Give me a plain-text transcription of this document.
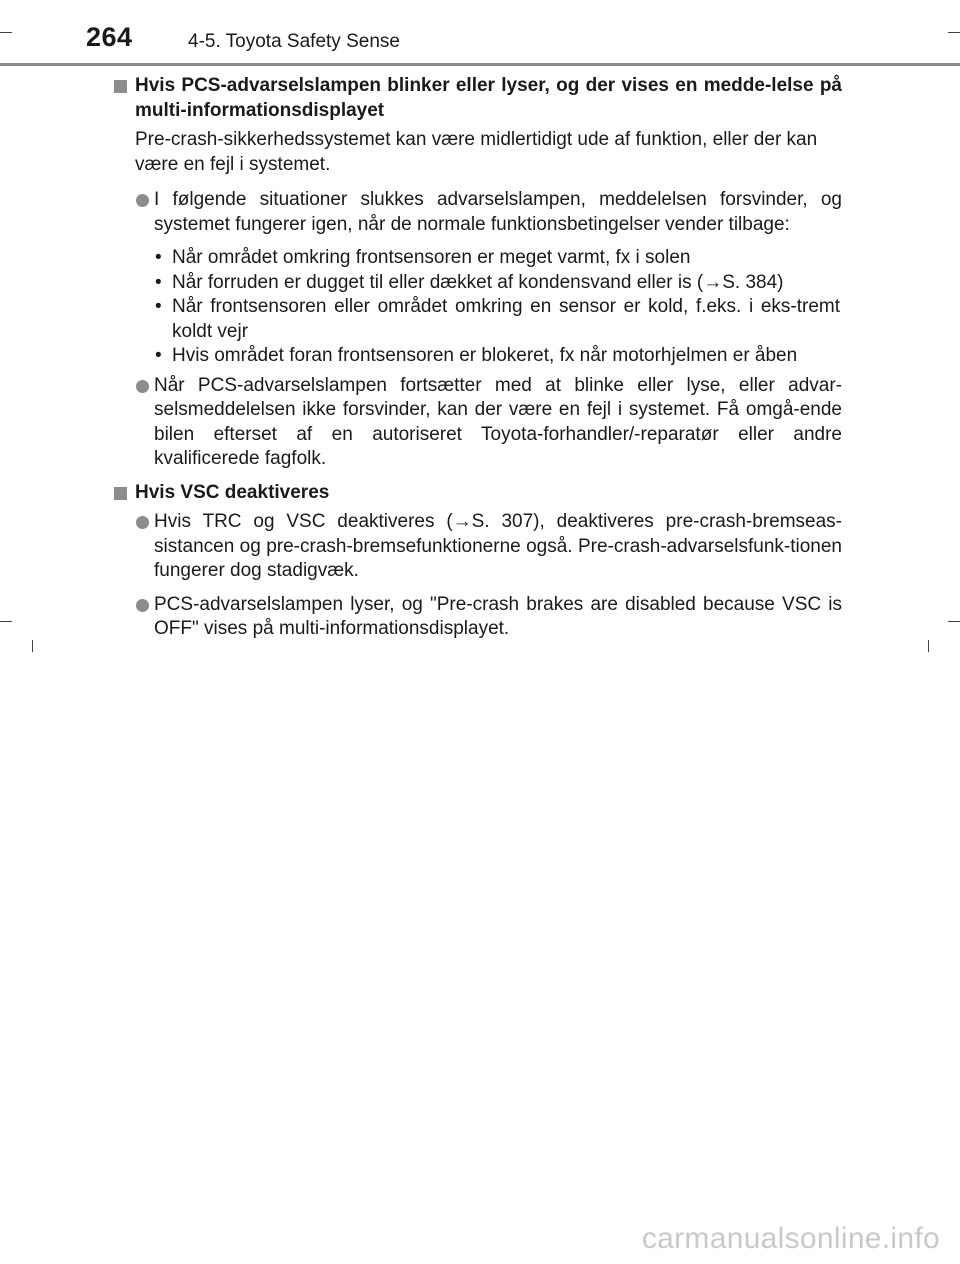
264	4-5. Toyota Safety Sense
Hvis PCS-advarselslampen blinker eller lyser, og der vises en medde-lelse på multi-informationsdisplayet
Pre-crash-sikkerhedssystemet kan være midlertidigt ude af funktion, eller der kan være en fejl i systemet.
I følgende situationer slukkes advarselslampen, meddelelsen forsvinder, og systemet fungerer igen, når de normale funktionsbetingelser vender tilbage:
• Når området omkring frontsensoren er meget varmt, fx i solen
• Når forruden er dugget til eller dækket af kondensvand eller is (→S. 384)
• Når frontsensoren eller området omkring en sensor er kold, f.eks. i eks-tremt koldt vejr
• Hvis området foran frontsensoren er blokeret, fx når motorhjelmen er åben
Når PCS-advarselslampen fortsætter med at blinke eller lyse, eller advar-selsmeddelelsen ikke forsvinder, kan der være en fejl i systemet. Få omgå-ende bilen efterset af en autoriseret Toyota-forhandler/-reparatør eller andre kvalificerede fagfolk.
Hvis VSC deaktiveres
Hvis TRC og VSC deaktiveres (→S. 307), deaktiveres pre-crash-bremseas-sistancen og pre-crash-bremsefunktionerne også. Pre-crash-advarselsfunk-tionen fungerer dog stadigvæk.
PCS-advarselslampen lyser, og "Pre-crash brakes are disabled because VSC is OFF" vises på multi-informationsdisplayet.
carmanualsonline.info
